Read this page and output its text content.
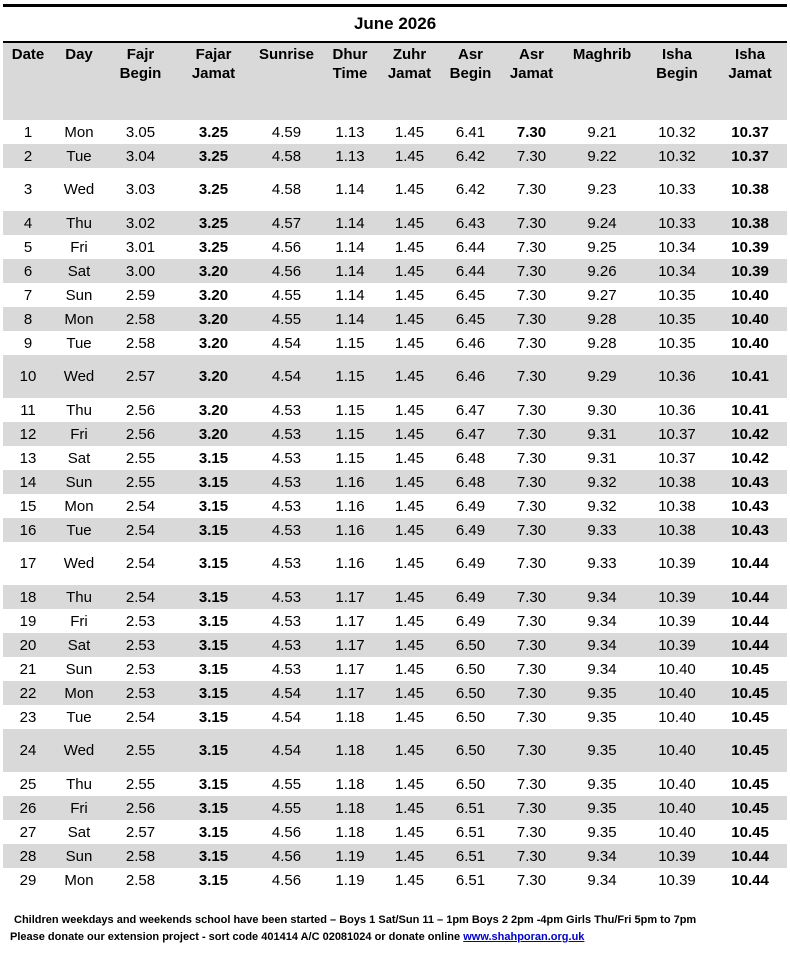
June 2026											
Date	Day	Fajr Begin	Fajar Jamat	Sunrise	Dhur Time	Zuhr Jamat	Asr Begin	Asr Jamat	Maghrib	Isha Begin	Isha Jamat
1	Mon	3.05	3.25	4.59	1.13	1.45	6.41	7.30	9.21	10.32	10.37
2	Tue	3.04	3.25	4.58	1.13	1.45	6.42	7.30	9.22	10.32	10.37
3	Wed	3.03	3.25	4.58	1.14	1.45	6.42	7.30	9.23	10.33	10.38
4	Thu	3.02	3.25	4.57	1.14	1.45	6.43	7.30	9.24	10.33	10.38
5	Fri	3.01	3.25	4.56	1.14	1.45	6.44	7.30	9.25	10.34	10.39
6	Sat	3.00	3.20	4.56	1.14	1.45	6.44	7.30	9.26	10.34	10.39
7	Sun	2.59	3.20	4.55	1.14	1.45	6.45	7.30	9.27	10.35	10.40
8	Mon	2.58	3.20	4.55	1.14	1.45	6.45	7.30	9.28	10.35	10.40
9	Tue	2.58	3.20	4.54	1.15	1.45	6.46	7.30	9.28	10.35	10.40
10	Wed	2.57	3.20	4.54	1.15	1.45	6.46	7.30	9.29	10.36	10.41
11	Thu	2.56	3.20	4.53	1.15	1.45	6.47	7.30	9.30	10.36	10.41
12	Fri	2.56	3.20	4.53	1.15	1.45	6.47	7.30	9.31	10.37	10.42
13	Sat	2.55	3.15	4.53	1.15	1.45	6.48	7.30	9.31	10.37	10.42
14	Sun	2.55	3.15	4.53	1.16	1.45	6.48	7.30	9.32	10.38	10.43
15	Mon	2.54	3.15	4.53	1.16	1.45	6.49	7.30	9.32	10.38	10.43
16	Tue	2.54	3.15	4.53	1.16	1.45	6.49	7.30	9.33	10.38	10.43
17	Wed	2.54	3.15	4.53	1.16	1.45	6.49	7.30	9.33	10.39	10.44
18	Thu	2.54	3.15	4.53	1.17	1.45	6.49	7.30	9.34	10.39	10.44
19	Fri	2.53	3.15	4.53	1.17	1.45	6.49	7.30	9.34	10.39	10.44
20	Sat	2.53	3.15	4.53	1.17	1.45	6.50	7.30	9.34	10.39	10.44
21	Sun	2.53	3.15	4.53	1.17	1.45	6.50	7.30	9.34	10.40	10.45
22	Mon	2.53	3.15	4.54	1.17	1.45	6.50	7.30	9.35	10.40	10.45
23	Tue	2.54	3.15	4.54	1.18	1.45	6.50	7.30	9.35	10.40	10.45
24	Wed	2.55	3.15	4.54	1.18	1.45	6.50	7.30	9.35	10.40	10.45
25	Thu	2.55	3.15	4.55	1.18	1.45	6.50	7.30	9.35	10.40	10.45
26	Fri	2.56	3.15	4.55	1.18	1.45	6.51	7.30	9.35	10.40	10.45
27	Sat	2.57	3.15	4.56	1.18	1.45	6.51	7.30	9.35	10.40	10.45
28	Sun	2.58	3.15	4.56	1.19	1.45	6.51	7.30	9.34	10.39	10.44
29	Mon	2.58	3.15	4.56	1.19	1.45	6.51	7.30	9.34	10.39	10.44
Children weekdays and weekends school have been started – Boys 1 Sat/Sun 11 – 1pm Boys 2 2pm -4pm Girls Thu/Fri 5pm to 7pm
Please donate our extension project - sort code 401414 A/C 02081024 or donate online www.shahporan.org.uk
